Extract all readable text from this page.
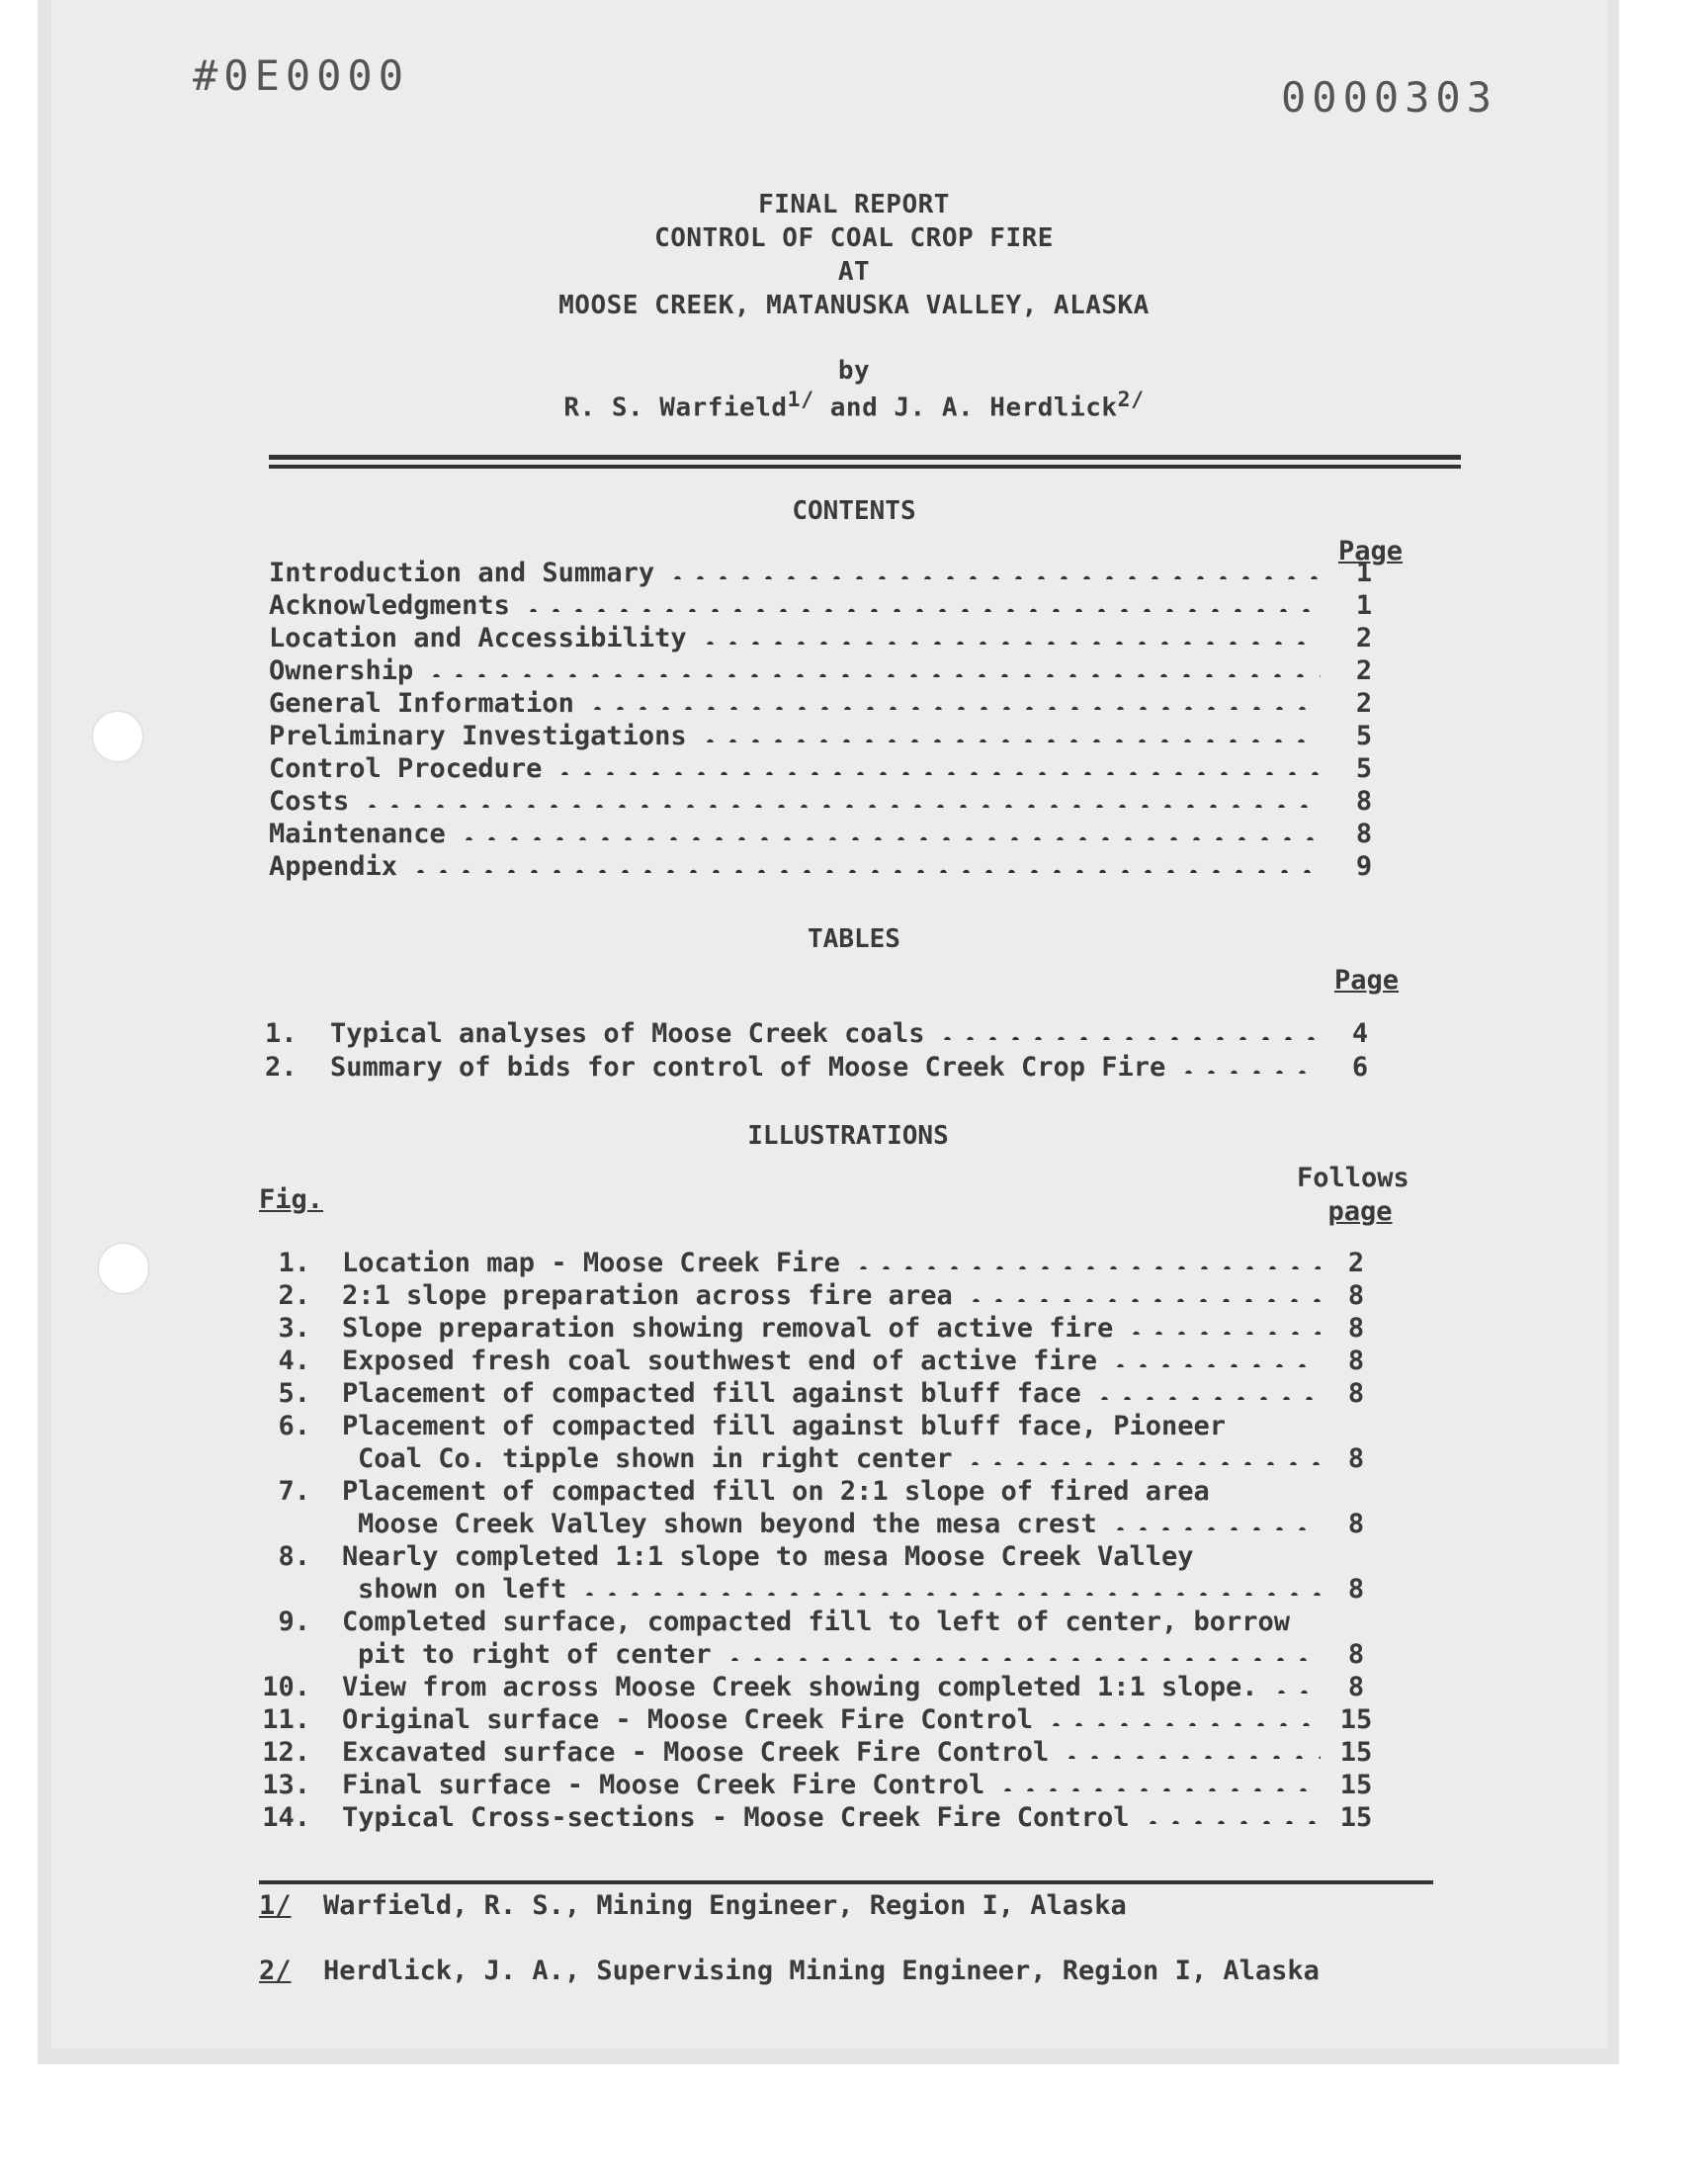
#0E0000	0000303
FINAL REPORT
CONTROL OF COAL CROP FIRE
AT
MOOSE CREEK, MATANUSKA VALLEY, ALASKA
by
R. S. Warfield$^{1/}$ and J. A. Herdlick$^{2/}$
CONTENTS
Page
Introduction and Summary	1
Acknowledgments	1
Location and Accessibility	2
Ownership	2
General Information	2
Preliminary Investigations	5
Control Procedure	5
Costs	8
Maintenance	8
Appendix	9
TABLES
Page
1. Typical analyses of Moose Creek coals	4
2. Summary of bids for control of Moose Creek Crop Fire	6
ILLUSTRATIONS
Fig.
Follows
page
1. Location map - Moose Creek Fire	2
2. 2:1 slope preparation across fire area	8
3. Slope preparation showing removal of active fire	8
4. Exposed fresh coal southwest end of active fire	8
5. Placement of compacted fill against bluff face	8
6. Placement of compacted fill against bluff face, Pioneer
Coal Co. tipple shown in right center	8
7. Placement of compacted fill on 2:1 slope of fired area
Moose Creek Valley shown beyond the mesa crest	8
8. Nearly completed 1:1 slope to mesa Moose Creek Valley
shown on left	8
9. Completed surface, compacted fill to left of center, borrow
pit to right of center	8
10. View from across Moose Creek showing completed 1:1 slope.	8
11. Original surface - Moose Creek Fire Control	15
12. Excavated surface - Moose Creek Fire Control	15
13. Final surface - Moose Creek Fire Control	15
14. Typical Cross-sections - Moose Creek Fire Control	15
1/ Warfield, R. S., Mining Engineer, Region I, Alaska
2/ Herdlick, J. A., Supervising Mining Engineer, Region I, Alaska
